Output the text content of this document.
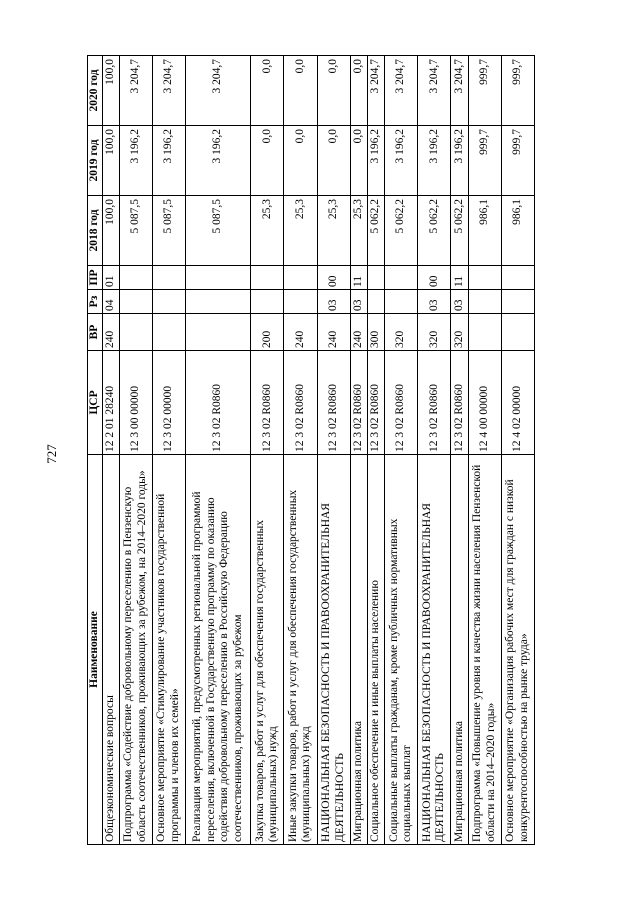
727
Наименование	ЦСР	ВР	Рз	ПР	2018 год	2019 год	2020 год
Общеэкономические вопросы	12 2 01 28240	240	04	01	100,0	100,0	100,0
Подпрограмма «Содействие добровольному переселению в Пензенскую область соотечественников, проживающих за рубежом, на 2014–2020 годы»	12 3 00 00000				5 087,5	3 196,2	3 204,7
Основное мероприятие «Стимулирование участников государственной программы и членов их семей»	12 3 02 00000				5 087,5	3 196,2	3 204,7
Реализация мероприятий, предусмотренных региональной программой переселения, включенной в Государственную программу по оказанию содействия добровольному переселению в Российскую Федерацию соотечественников, проживающих за рубежом	12 3 02 R0860				5 087,5	3 196,2	3 204,7
Закупка товаров, работ и услуг для обеспечения государственных (муниципальных) нужд	12 3 02 R0860	200			25,3	0,0	0,0
Иные закупки товаров, работ и услуг для обеспечения государственных (муниципальных) нужд	12 3 02 R0860	240			25,3	0,0	0,0
НАЦИОНАЛЬНАЯ БЕЗОПАСНОСТЬ И ПРАВООХРАНИТЕЛЬНАЯ ДЕЯТЕЛЬНОСТЬ	12 3 02 R0860	240	03	00	25,3	0,0	0,0
Миграционная политика	12 3 02 R0860	240	03	11	25,3	0,0	0,0
Социальное обеспечение и иные выплаты населению	12 3 02 R0860	300			5 062,2	3 196,2	3 204,7
Социальные выплаты гражданам, кроме публичных нормативных социальных выплат	12 3 02 R0860	320			5 062,2	3 196,2	3 204,7
НАЦИОНАЛЬНАЯ БЕЗОПАСНОСТЬ И ПРАВООХРАНИТЕЛЬНАЯ ДЕЯТЕЛЬНОСТЬ	12 3 02 R0860	320	03	00	5 062,2	3 196,2	3 204,7
Миграционная политика	12 3 02 R0860	320	03	11	5 062,2	3 196,2	3 204,7
Подпрограмма «Повышение уровня и качества жизни населения Пензенской области на 2014–2020 годы»	12 4 00 00000				986,1	999,7	999,7
Основное мероприятие «Организация рабочих мест для граждан с низкой конкурентоспособностью на рынке труда»	12 4 02 00000				986,1	999,7	999,7
